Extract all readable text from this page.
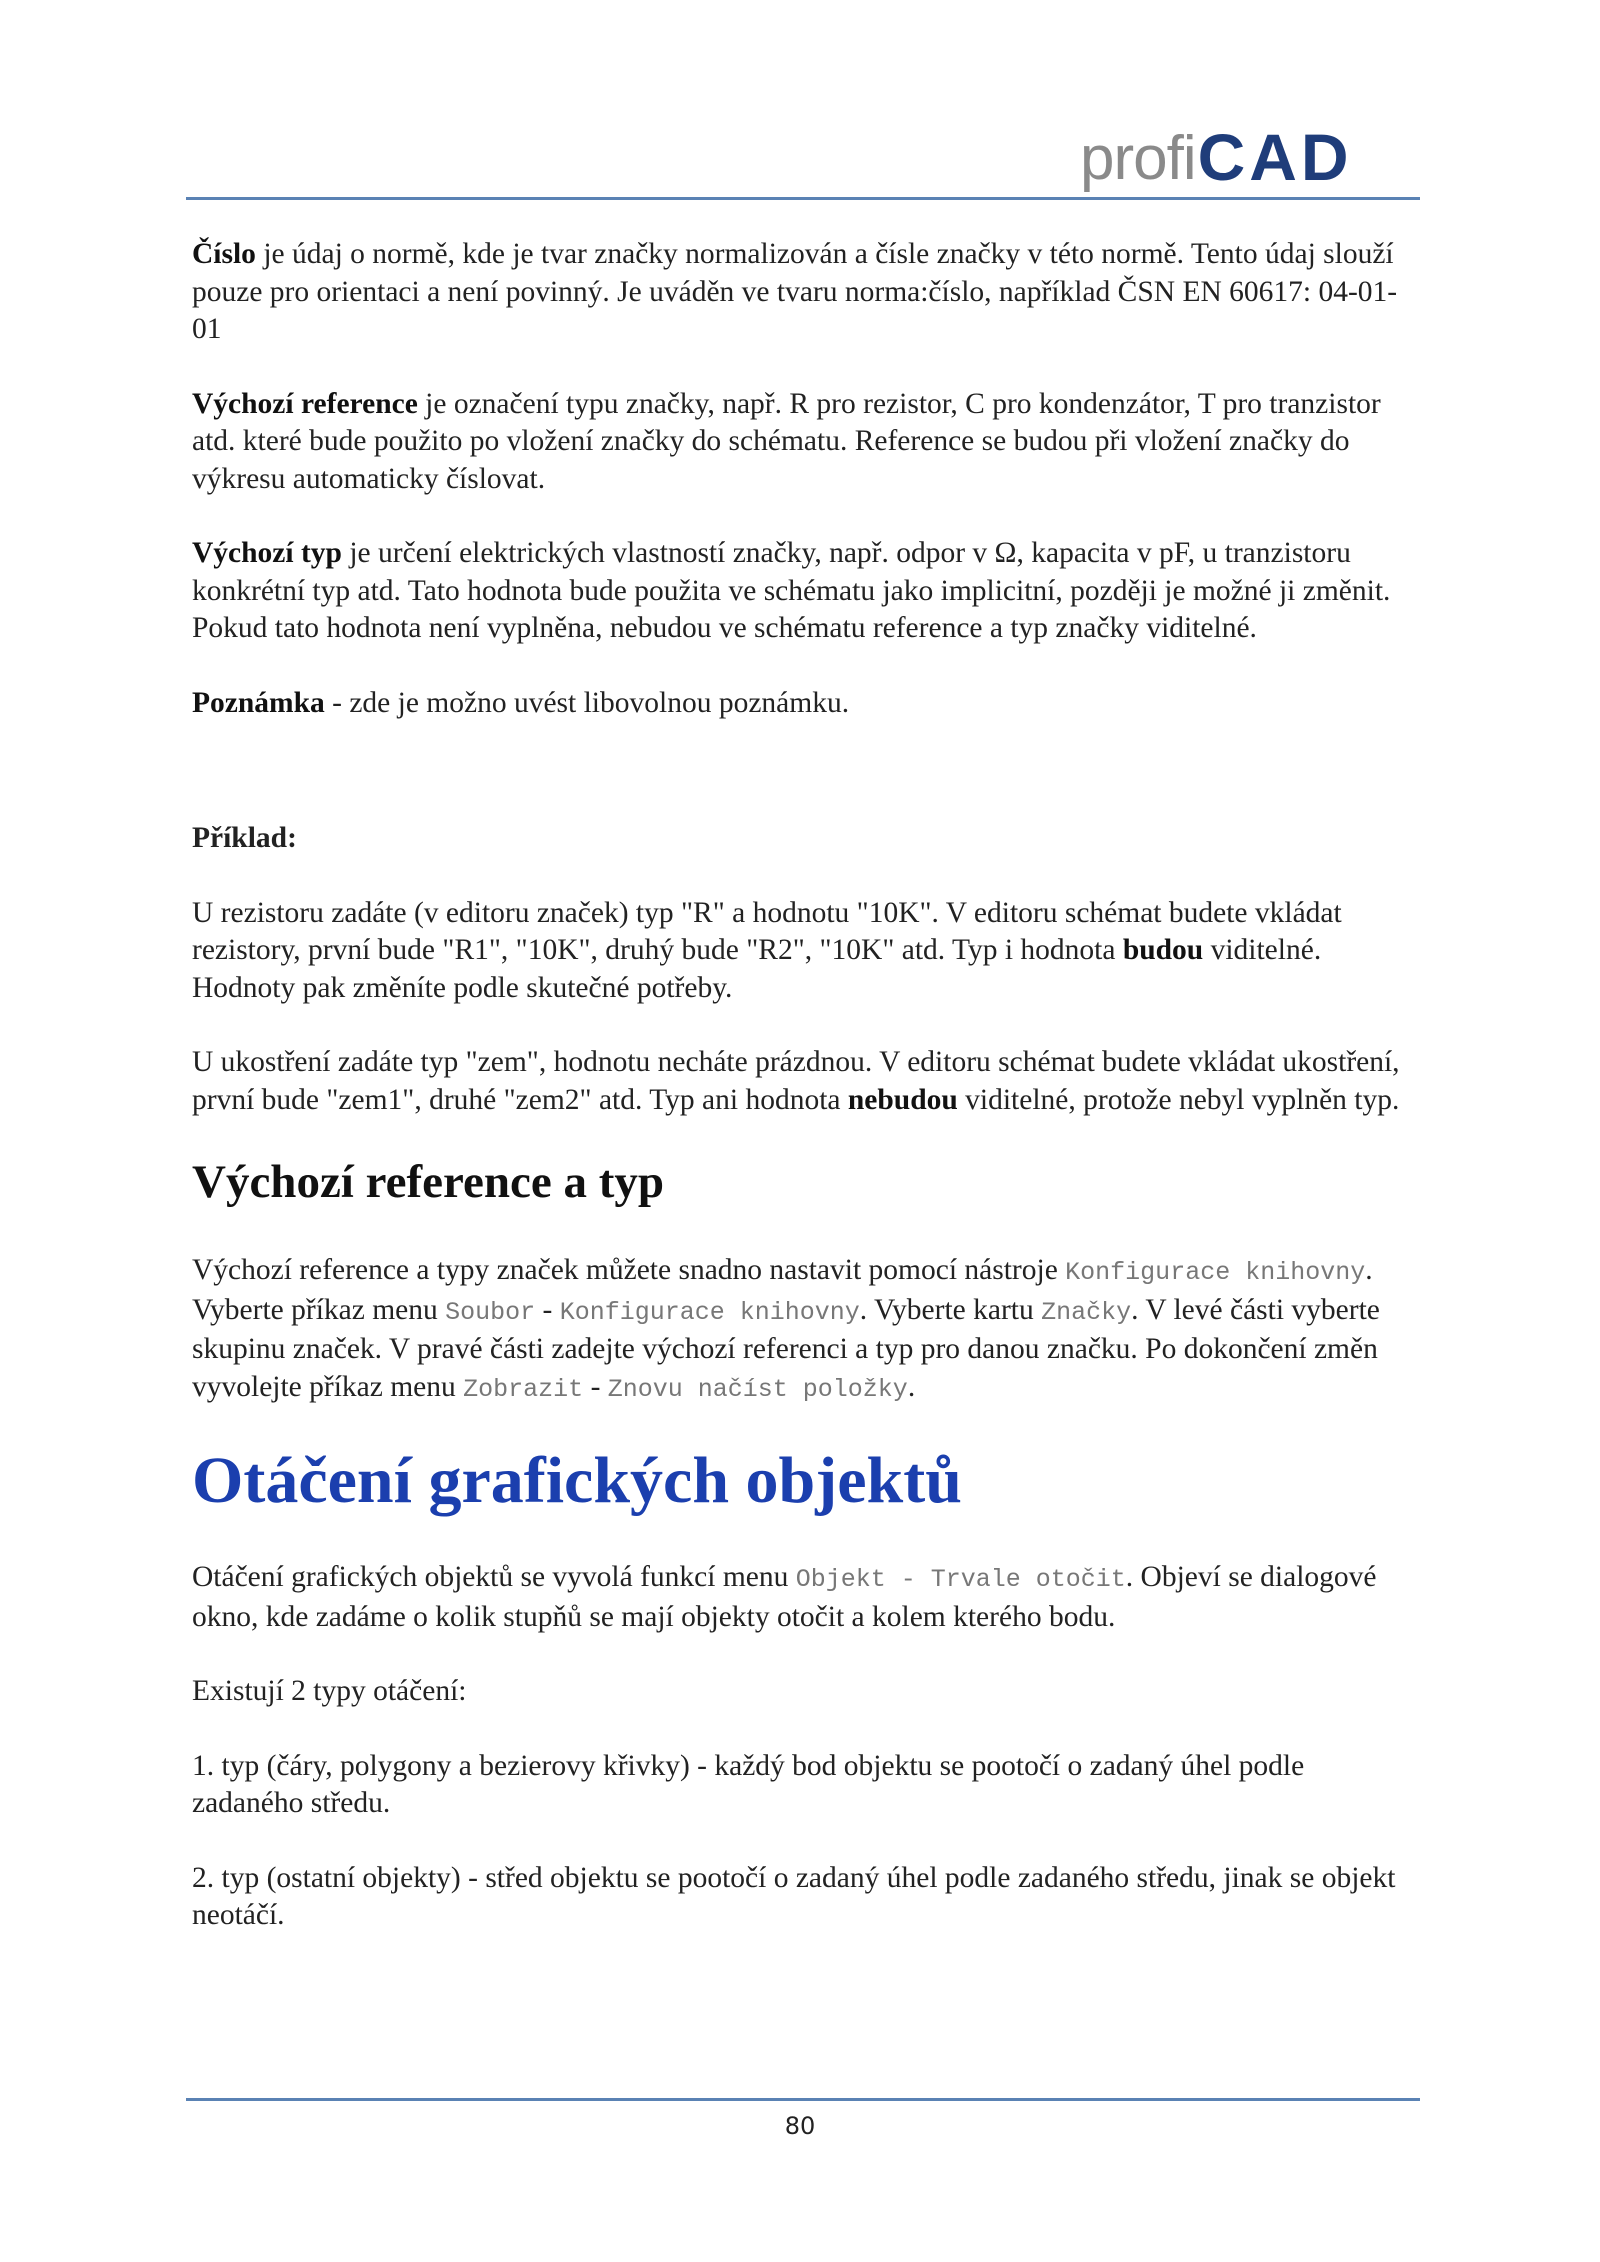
profi CAD

Číslo je údaj o normě, kde je tvar značky normalizován a čísle značky v této normě. Tento údaj slouží pouze pro orientaci a není povinný. Je uváděn ve tvaru norma:číslo, například ČSN EN 60617: 04-01-01

Výchozí reference je označení typu značky, např. R pro rezistor, C pro kondenzátor, T pro tranzistor atd. které bude použito po vložení značky do schématu. Reference se budou při vložení značky do výkresu automaticky číslovat.

Výchozí typ je určení elektrických vlastností značky, např. odpor v Ω, kapacita v pF, u tranzistoru konkrétní typ atd. Tato hodnota bude použita ve schématu jako implicitní, později je možné ji změnit. Pokud tato hodnota není vyplněna, nebudou ve schématu reference a typ značky viditelné.

Poznámka - zde je možno uvést libovolnou poznámku.

Příklad:

U rezistoru zadáte (v editoru značek) typ "R" a hodnotu "10K". V editoru schémat budete vkládat rezistory, první bude "R1", "10K", druhý bude "R2", "10K" atd. Typ i hodnota budou viditelné. Hodnoty pak změníte podle skutečné potřeby.

U ukostření zadáte typ "zem", hodnotu necháte prázdnou. V editoru schémat budete vkládat ukostření, první bude "zem1", druhé "zem2" atd. Typ ani hodnota nebudou viditelné, protože nebyl vyplněn typ.

Výchozí reference a typ

Výchozí reference a typy značek můžete snadno nastavit pomocí nástroje Konfigurace knihovny. Vyberte příkaz menu Soubor - Konfigurace knihovny. Vyberte kartu Značky. V levé části vyberte skupinu značek. V pravé části zadejte výchozí referenci a typ pro danou značku. Po dokončení změn vyvolejte příkaz menu Zobrazit - Znovu načíst položky.

Otáčení grafických objektů

Otáčení grafických objektů se vyvolá funkcí menu Objekt - Trvale otočit. Objeví se dialogové okno, kde zadáme o kolik stupňů se mají objekty otočit a kolem kterého bodu.

Existují 2 typy otáčení:

1. typ (čáry, polygony a bezierovy křivky) - každý bod objektu se pootočí o zadaný úhel podle zadaného středu.

2. typ (ostatní objekty) - střed objektu se pootočí o zadaný úhel podle zadaného středu, jinak se objekt neotáčí.

80
